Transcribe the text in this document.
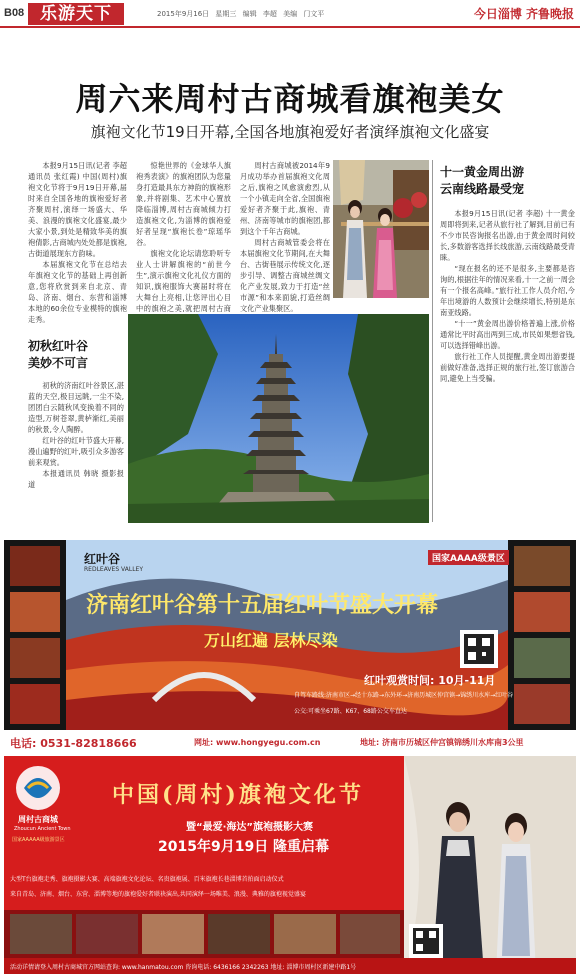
B08 乐游天下	2015年9月16日 星期三 编辑 李超 美编 门文平	今日淄博 齐鲁晚报
周六来周村古商城看旗袍美女
旗袍文化节19日开幕,全国各地旗袍爱好者演绎旗袍文化盛宴

本报9月15日讯(记者 李超 通讯员 张红霞) 中国(周村)旗袍文化节将于9月19日开幕,届时来自全国各地的旗袍爱好者齐聚周村,演绎一场盛大、华美、浪漫的旗袍文化盛宴,最少大家小景,到处是精致华美的旗袍倩影,古商城内处处都是旗袍,古街道展现东方韵味。
本届旗袍文化节在总结去年旗袍文化节的基础上再创新意,您将欣赏到来自北京、青岛、济南、烟台、东营和淄博本地的60余位专业模特的旗袍走秀。

惊艳世界的《金球华人旗袍秀表演》的旗袍团队为您量身打造最具东方神韵的旗袍形象,并将剧集、艺术中心置放降临淄博,周村古商城倾力打造旗袍文化,为淄博的旗袍爱好者呈现“旗袍长卷”琼瑶华谷。
旗袍文化论坛请您聆听专业人士讲解旗袍的“前世今生”,演示旗袍文化礼仪方面的知识,旗袍服饰大赛届时将在大舞台上亮相,让您评出心目中的旗袍之美,就把周村古商

周村古商城被2014年9月成功举办首届旗袍文化周之后,旗袍之风愈演愈烈,从一个小镇走向全省,全国旗袍爱好者齐聚于此,旗袍、青州、济南等城市的旗袍团,都到这个千年古商城。
周村古商城管委会将在本届旗袍文化节期间,在大舞台、古街巷展示传统文化,逐步引导、调整古商城丝绸文化产业发展,致力于打造“丝市源”和本来面貌,打造丝绸文化产业集聚区。

十一黄金周出游
云南线路最受宠

本报9月15日讯(记者 李超) 十一黄金周即将到来,记者从旅行社了解到,目前已有不少市民咨询报名出游,由于黄金周时间较长,多数游客选择长线旅游,云南线路最受青睐。
“现在报名的还不是很多,主要都是咨询的,根据往年的情况来看,十一之前一周会有一个报名高峰。”旅行社工作人员介绍,今年出境游的人数预计会继续增长,特别是东南亚线路。
“十一”黄金周出游价格普遍上涨,价格通常比平时高出两到三成,市民如果想省钱,可以选择错峰出游。
旅行社工作人员提醒,黄金周出游要提前做好准备,选择正规的旅行社,签订旅游合同,避免上当受骗。

初秋红叶谷
美妙不可言

初秋的济南红叶谷景区,湛蓝的天空,极目远眺,一尘不染,团团白云随秋风变换着不同的造型,万树苍翠,黄栌渐红,美丽的秋景,令人陶醉。
红叶谷的红叶节盛大开幕,漫山遍野的红叶,吸引众多游客前来观赏。
本报通讯员 韩晓 摄影报道

红叶谷
REDLEAVES VALLEY
国家AAAA级景区
济南红叶谷第十五届红叶节盛大开幕
万山红遍 层林尽染
红叶观赏时间: 10月-11月
自驾车路线:济南市区→经十东路→东外环→济南历城区仲宫镇→锦绣川水库→红叶谷
公交:可乘坐67路、K67、68路公交车直达
电话: 0531-82818666	网址: www.hongyegu.com.cn	地址: 济南市历城区仲宫镇锦绣川水库南3公里
周村古商城
Zhoucun Ancient Town
国家AAAAA级旅游景区
中国(周村)旗袍文化节
暨“最爱·海达”旗袍摄影大赛
2015年9月19日 隆重启幕
大型T台旗袍走秀、旗袍摄影大赛、高端旗袍文化论坛、名贵旗袍展、百米旗袍长巷淄博首拍面启动仪式
来自青岛、济南、烟台、东营、淄博等地的旗袍爱好者联袂演出,共同演绎一场唯美、浪漫、典雅的旗袍视觉盛宴
活动详情请登入周村古商城官方网站查询: www.hanmatou.com 咨询电话: 6436166 2342263 地址: 淄博市周村区新建中路1号
